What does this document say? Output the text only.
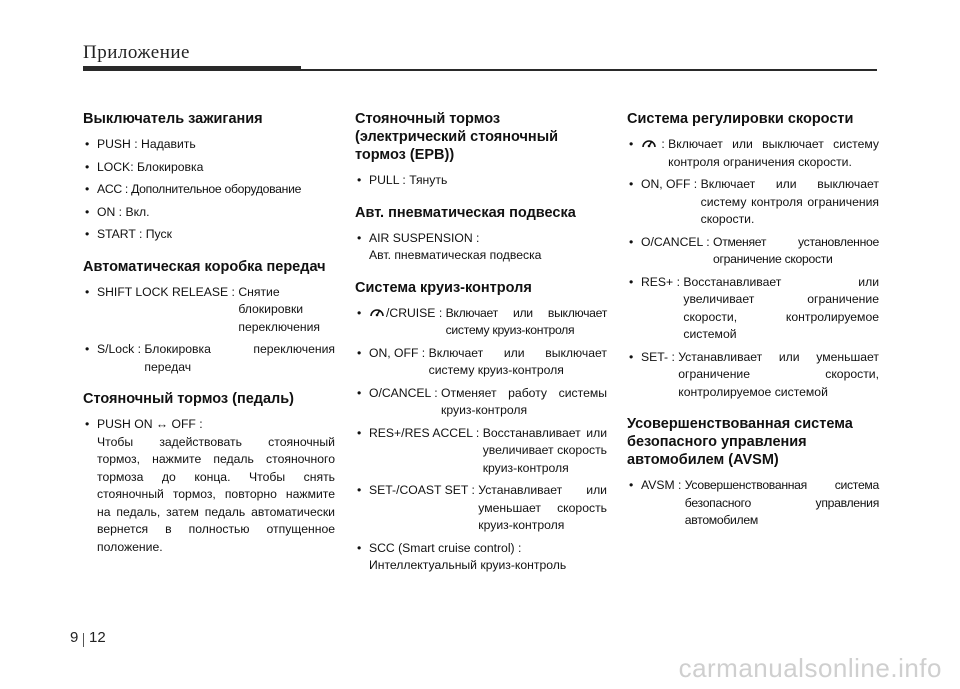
Приложение
Выключатель зажигания
• PUSH : Надавить
• LOCK: Блокировка
• ACC : Дополнительное оборудование
• ON : Вкл.
• START : Пуск
Автоматическая коробка передач
• SHIFT LOCK RELEASE : Снятие блокировки переключения
• S/Lock : Блокировка переключения передач
Стояночный тормоз (педаль)
• PUSH ON ↔ OFF :
Чтобы задействовать стояночный тормоз, нажмите педаль стояночного тормоза до конца. Чтобы снять стояночный тормоз, повторно нажмите на педаль, затем педаль автоматически вернется в полностью отпущенное положение.
Стояночный тормоз (электрический стояночный тормоз (EPB))
• PULL : Тянуть
Авт. пневматическая подвеска
• AIR SUSPENSION :
Авт. пневматическая подвеска
Система круиз-контроля
•	/CRUISE : Включает или выключает систему круиз-контроля
• ON, OFF : Включает или выключает систему круиз-контроля
• O/CANCEL : Отменяет работу системы круиз-контроля
• RES+/RES ACCEL : Восстанавливает или увеличивает скорость круиз-контроля
• SET-/COAST SET : Устанавливает или уменьшает скорость круиз-контроля
• SCC (Smart cruise control) :
Интеллектуальный круиз-контроль
Система регулировки скорости
•	: Включает или выключает систему контроля ограничения скорости.
• ON, OFF : Включает или выключает систему контроля ограничения скорости.
• O/CANCEL : Отменяет установленное ограничение скорости
• RES+ : Восстанавливает или увеличивает ограничение скорости, контролируемое системой
• SET- : Устанавливает или уменьшает ограничение скорости, контролируемое системой
Усовершенствованная система безопасного управления автомобилем (AVSM)
• AVSM : Усовершенствованная система безопасного управления автомобилем
9 12
carmanualsonline.info
